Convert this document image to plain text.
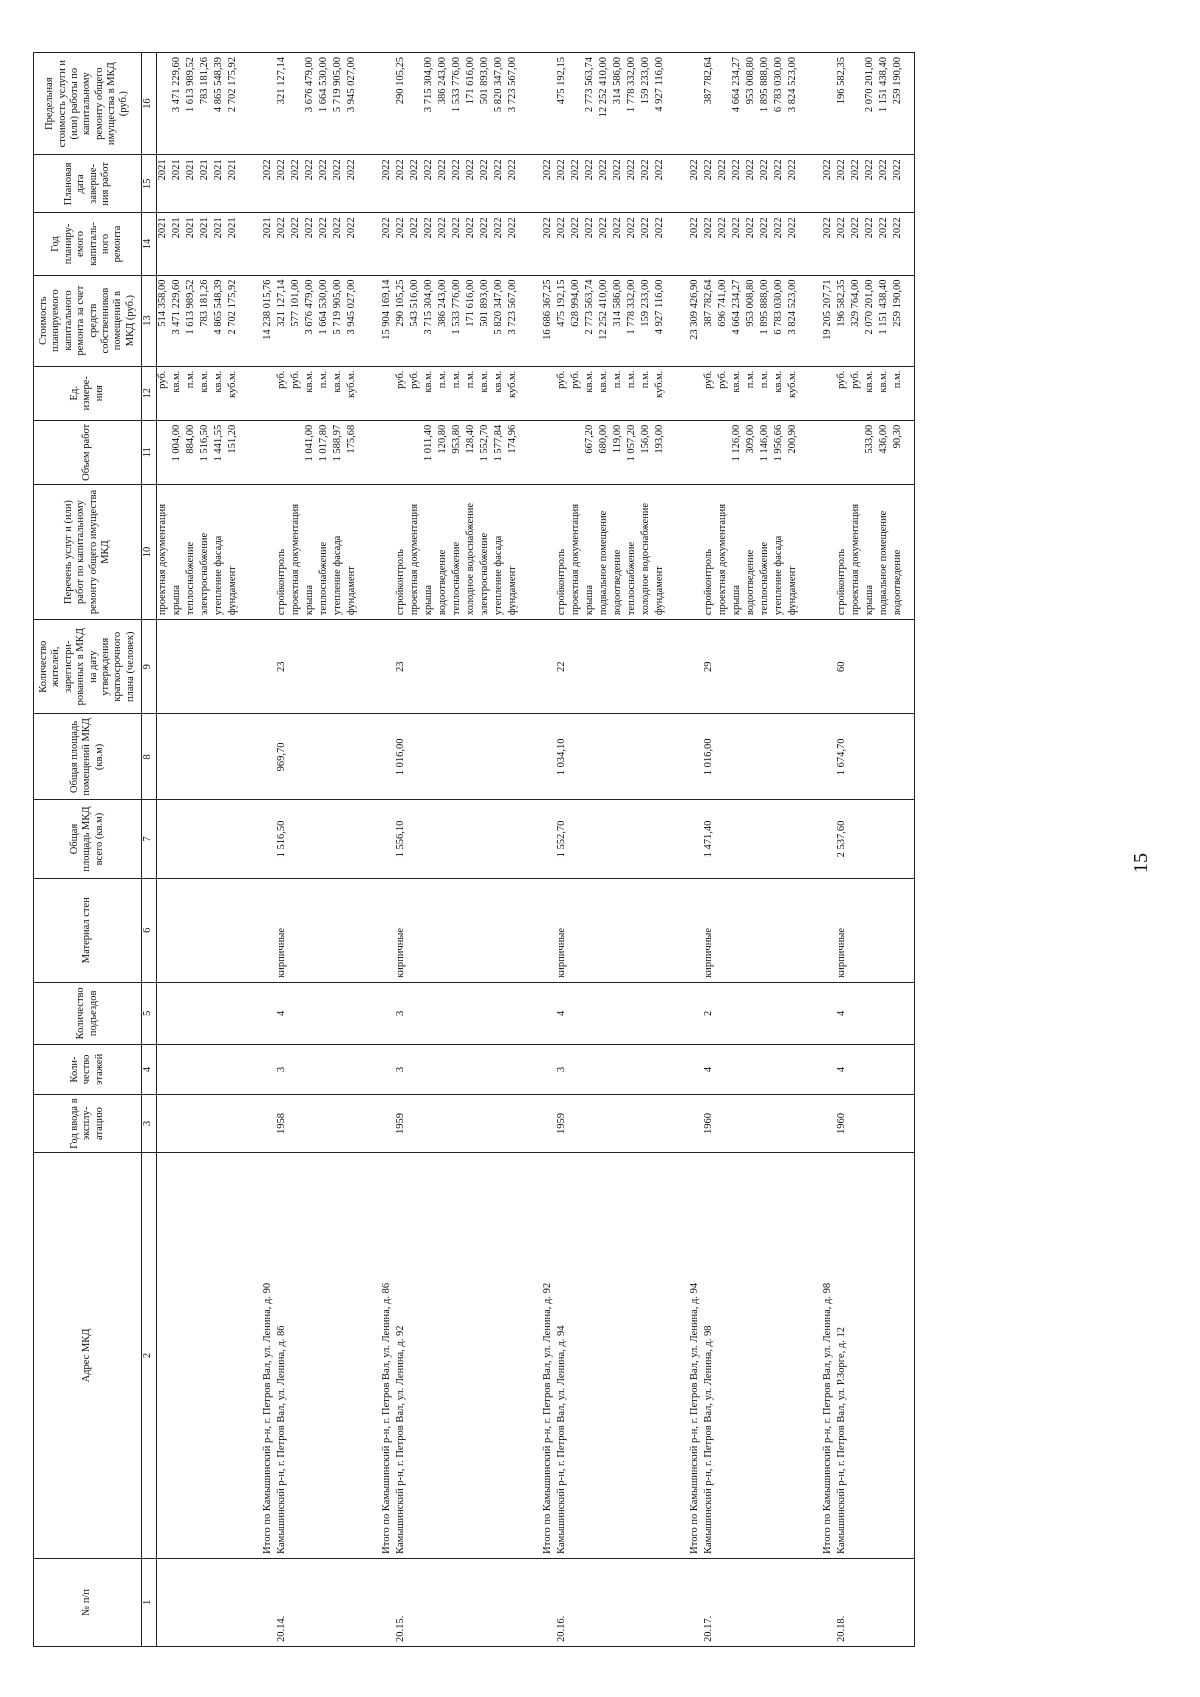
15
№ п/п	Адрес МКД	Год ввода в эксплу-атацию	Коли-чество этажей	Количество подъездов	Материал стен	Общая площадь МКД всего (кв.м)	Общая площадь помещений МКД (кв.м)	Количество жителей, зарегистри-рованных в МКД на дату утверждения краткосрочного плана (человек)	Перечень услуг и (или) работ по капитальному ремонту общего имущества МКД	Объем работ	Ед. измере-ния	Стоимость планируемого капитального ремонта за счет средств собственников помещений в МКД (руб.)	Год планиру-емого капиталь-ного ремонта	Плановая дата заверше-ния работ	Предельная стоимость услуги и (или) работы по капитальному ремонту общего имущества в МКД (руб.)
1	2	3	4	5	6	7	8	9	10	11	12	13	14	15	16
									проектная документация		руб.	514 358,00	2021	2021	
									крыша	1 004,00	кв.м.	3 471 229,60	2021	2021	3 471 229,60
									теплоснабжение	884,00	п.м.	1 613 989,52	2021	2021	1 613 989,52
									электроснабжение	1 516,50	кв.м.	783 181,26	2021	2021	783 181,26
									утепление фасада	1 441,55	кв.м.	4 865 548,39	2021	2021	4 865 548,39
									фундамент	151,20	куб.м.	2 702 175,92	2021	2021	2 702 175,92

	Итого по Камышинский р-н, г. Петров Вал, ул. Ленина, д. 90											14 238 015,76	2021	2022	
20.14.	Камышинский р-н, г. Петров Вал, ул. Ленина, д. 86	1958	3	4	кирпичные	1 516,50	969,70	23	стройконтроль		руб.	321 127,14	2022	2022	321 127,14
									проектная документация		руб.	577 101,00	2022	2022	
									крыша	1 041,00	кв.м.	3 676 479,00	2022	2022	3 676 479,00
									теплоснабжение	1 017,80	п.м.	1 664 530,00	2022	2022	1 664 530,00
									утепление фасада	1 588,97	кв.м.	5 719 905,00	2022	2022	5 719 905,00
									фундамент	175,68	куб.м.	3 945 027,00	2022	2022	3 945 027,00

	Итого по Камышинский р-н, г. Петров Вал, ул. Ленина, д. 86											15 904 169,14	2022	2022	
20.15.	Камышинский р-н, г. Петров Вал, ул. Ленина, д. 92	1959	3	3	кирпичные	1 556,10	1 016,00	23	стройконтроль		руб.	290 105,25	2022	2022	290 105,25
									проектная документация		руб.	543 516,00	2022	2022	
									крыша	1 011,40	кв.м.	3 715 304,00	2022	2022	3 715 304,00
									водоотведение	120,80	п.м.	386 243,00	2022	2022	386 243,00
									теплоснабжение	953,80	п.м.	1 533 776,00	2022	2022	1 533 776,00
									холодное водоснабжение	128,40	п.м.	171 616,00	2022	2022	171 616,00
									электроснабжение	1 552,70	кв.м.	501 893,00	2022	2022	501 893,00
									утепление фасада	1 577,84	кв.м.	5 820 347,00	2022	2022	5 820 347,00
									фундамент	174,96	куб.м.	3 723 567,00	2022	2022	3 723 567,00

	Итого по Камышинский р-н, г. Петров Вал, ул. Ленина, д. 92											16 686 367,25	2022	2022	
20.16.	Камышинский р-н, г. Петров Вал, ул. Ленина, д. 94	1959	3	4	кирпичные	1 552,70	1 034,10	22	стройконтроль		руб.	475 192,15	2022	2022	475 192,15
									проектная документация		руб.	628 994,00	2022	2022	
									крыша	667,20	кв.м.	2 773 563,74	2022	2022	2 773 563,74
									подвальное помещение	680,00	кв.м.	12 252 410,00	2022	2022	12 252 410,00
									водоотведение	119,00	п.м.	314 586,00	2022	2022	314 586,00
									теплоснабжение	1 057,20	п.м.	1 778 332,00	2022	2022	1 778 332,00
									холодное водоснабжение	156,00	п.м.	159 233,00	2022	2022	159 233,00
									фундамент	193,00	куб.м.	4 927 116,00	2022	2022	4 927 116,00

	Итого по Камышинский р-н, г. Петров Вал, ул. Ленина, д. 94											23 309 426,90	2022	2022	
20.17.	Камышинский р-н, г. Петров Вал, ул. Ленина, д. 98	1960	4	2	кирпичные	1 471,40	1 016,00	29	стройконтроль		руб.	387 782,64	2022	2022	387 782,64
									проектная документация		руб.	696 741,00	2022	2022	
									крыша	1 126,00	кв.м.	4 664 234,27	2022	2022	4 664 234,27
									водоотведение	309,00	п.м.	953 008,80	2022	2022	953 008,80
									теплоснабжение	1 146,00	п.м.	1 895 888,00	2022	2022	1 895 888,00
									утепление фасада	1 956,66	кв.м.	6 783 030,00	2022	2022	6 783 030,00
									фундамент	200,90	куб.м.	3 824 523,00	2022	2022	3 824 523,00

	Итого по Камышинский р-н, г. Петров Вал, ул. Ленина, д. 98											19 205 207,71	2022	2022	
20.18.	Камышинский р-н, г. Петров Вал, ул. Р.Зорге, д. 12	1960	4	4	кирпичные	2 537,60	1 674,70	60	стройконтроль		руб.	196 582,35	2022	2022	196 582,35
									проектная документация		руб.	329 764,00	2022	2022	
									крыша	533,00	кв.м.	2 070 201,00	2022	2022	2 070 201,00
									подвальное помещение	436,00	кв.м.	1 151 438,40	2022	2022	1 151 438,40
									водоотведение	90,30	п.м.	259 190,00	2022	2022	259 190,00
